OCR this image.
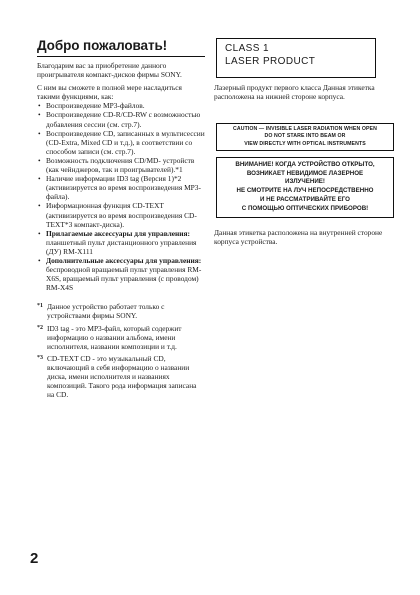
Добро пожаловать!

Благодарим вас за приобретение данного проигрывателя компакт-дисков фирмы SONY.

С ним вы сможете в полной мере насладиться такими функциями, как:

• Воспроизведение MP3-файлов.
• Воспроизведение CD-R/CD-RW с возможностью добавления сессии (см. стр.7).
• Воспроизведение CD, записанных в мультисессии (CD-Extra, Mixed CD и т.д.), в соответствии со способом записи (см. стр.7).
• Возможность подключения CD/MD- устройств (как чейнджеров, так и проигрывателей).*1
• Наличие информации ID3 tag (Версия 1)*2 (активизируется во время воспроизведения MP3-файла).
• Информационная функция CD-TEXT (активизируется во время воспроизведения CD-TEXT*3 компакт-диска).
• Прилагаемые аксессуары для управления:
планшетный пульт дистанционного управления (ДУ) RM-X111
• Дополнительные аксессуары для управления:
беспроводной вращаемый пульт управления RM-X6S, вращаемый пульт управления (с проводом) RM-X4S
*1 Данное устройство работает только с устройствами фирмы SONY.
*2 ID3 tag - это MP3-файл, который содержит информацию о названии альбома, имени исполнителя, названии композиции и т.д.
*3 CD-TEXT CD - это музыкальный CD, включающий в себя информацию о названии диска, имени исполнителя и названиях композиций. Такого рода информация записана на CD.
CLASS 1
LASER PRODUCT

Лазерный продукт первого класса Данная этикетка расположена на нижней стороне корпуса.

CAUTION — INVISIBLE LASER RADIATION WHEN OPEN
DO NOT STARE INTO BEAM OR
VIEW DIRECTLY WITH OPTICAL INSTRUMENTS
ВНИМАНИЕ! КОГДА УСТРОЙСТВО ОТКРЫТО,
ВОЗНИКАЕТ НЕВИДИМОЕ ЛАЗЕРНОЕ
ИЗЛУЧЕНИЕ!
НЕ СМОТРИТЕ НА ЛУЧ НЕПОСРЕДСТВЕННО
И НЕ РАССМАТРИВАЙТЕ ЕГО
С ПОМОЩЬЮ ОПТИЧЕСКИХ ПРИБОРОВ!

Данная этикетка расположена на внутренней стороне корпуса устройства.

2
